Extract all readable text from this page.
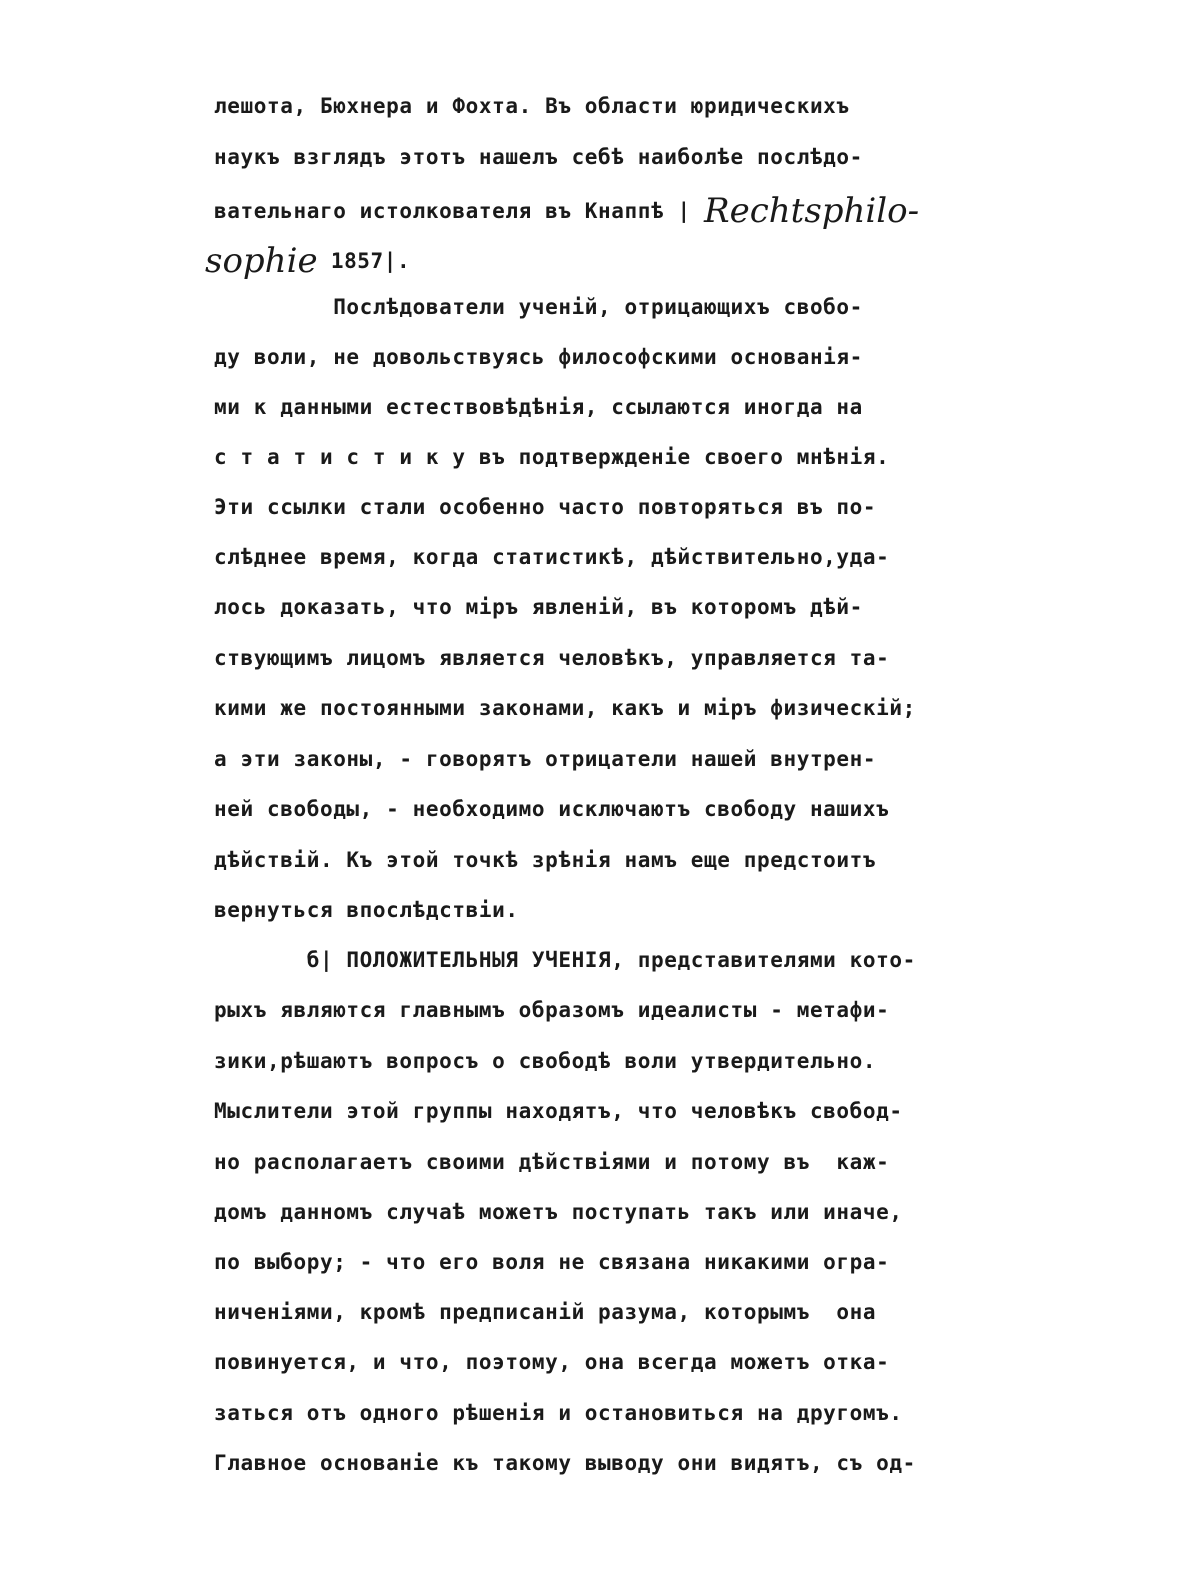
лешота, Бюхнера и Фохта. Въ области юридическихъ
наукъ взглядъ этотъ нашелъ себѣ наиболѣе послѣдо-
вательнаго истолкователя въ Кнаппѣ | Rechtsphilo-
sophie 1857|.
Послѣдователи ученій, отрицающихъ свобо-
ду воли, не довольствуясь философскими основанія-
ми к данными естествовѣдѣнія, ссылаются иногда на
с т а т и с т и к у въ подтвержденіе своего мнѣнія.
Эти ссылки стали особенно часто повторяться въ по-
слѣднее время, когда статистикѣ, дѣйствительно,уда-
лось доказать, что міръ явленій, въ которомъ дѣй-
ствующимъ лицомъ является человѣкъ, управляется та-
кими же постоянными законами, какъ и міръ физическій;
а эти законы, - говорятъ отрицатели нашей внутрен-
ней свободы, - необходимо исключаютъ свободу нашихъ
дѣйствій. Къ этой точкѣ зрѣнія намъ еще предстоитъ
вернуться впослѣдствіи.
б| ПОЛОЖИТЕЛЬНЫЯ УЧЕНІЯ, представителями кото-
рыхъ являются главнымъ образомъ идеалисты - метафи-
зики,рѣшаютъ вопросъ о свободѣ воли утвердительно.
Мыслители этой группы находятъ, что человѣкъ свобод-
но располагаетъ своими дѣйствіями и потому въ  каж-
домъ данномъ случаѣ можетъ поступать такъ или иначе,
по выбору; - что его воля не связана никакими огра-
ниченіями, кромѣ предписаній разума, которымъ  она
повинуется, и что, поэтому, она всегда можетъ отка-
заться отъ одного рѣшенія и остановиться на другомъ.
Главное основаніе къ такому выводу они видятъ, съ од-
